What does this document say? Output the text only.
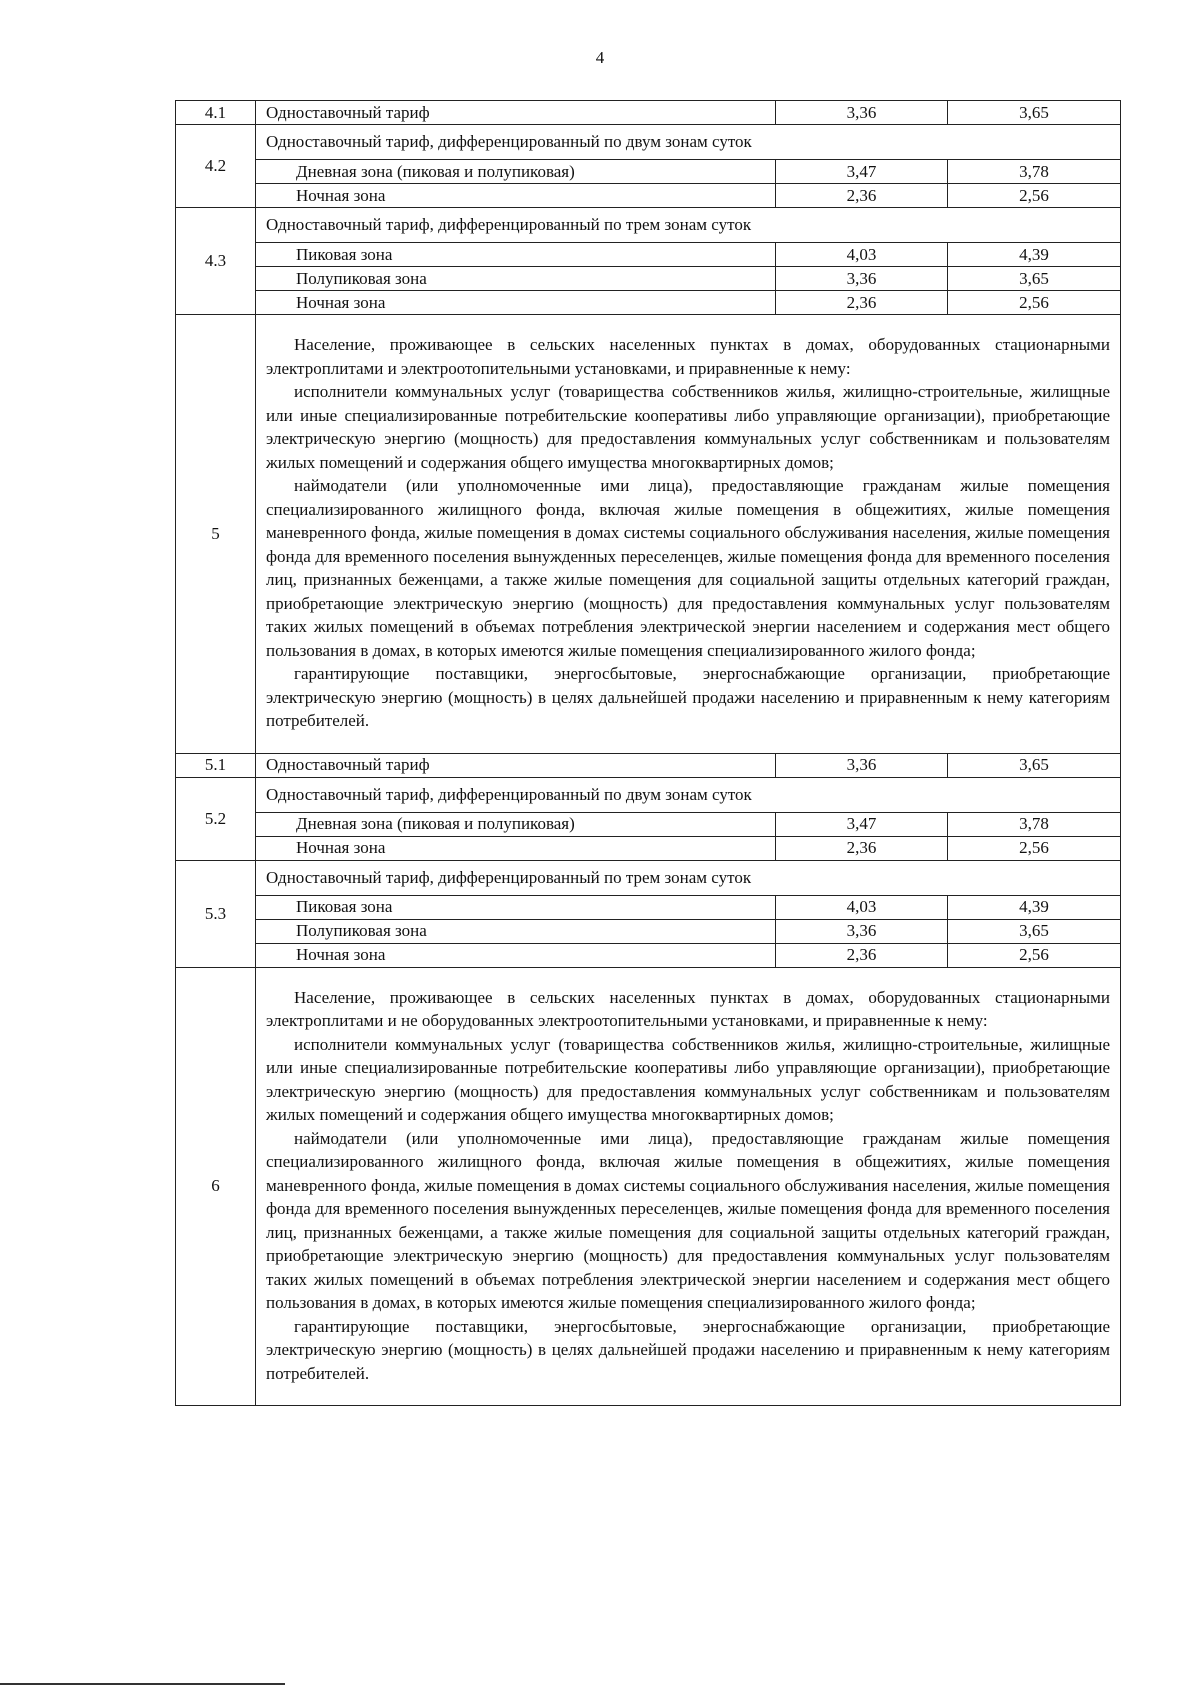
4
4.1	Одноставочный тариф	3,36	3,65
4.2	Одноставочный тариф, дифференцированный по двум зонам суток		
	Дневная зона (пиковая и полупиковая)	3,47	3,78
	Ночная зона	2,36	2,56
4.3	Одноставочный тариф, дифференцированный по трем зонам суток		
	Пиковая зона	4,03	4,39
	Полупиковая зона	3,36	3,65
	Ночная зона	2,36	2,56
5	Население, проживающее в сельских населенных пунктах в домах, оборудованных стационарными электроплитами и электроотопительными установками, и приравненные к нему:

исполнители коммунальных услуг (товарищества собственников жилья, жилищно-строительные, жилищные или иные специализированные потребительские кооперативы либо управляющие организации), приобретающие электрическую энергию (мощность) для предоставления коммунальных услуг собственникам и пользователям жилых помещений и содержания общего имущества многоквартирных домов;

наймодатели (или уполномоченные ими лица), предоставляющие гражданам жилые помещения специализированного жилищного фонда, включая жилые помещения в общежитиях, жилые помещения маневренного фонда, жилые помещения в домах системы социального обслуживания населения, жилые помещения фонда для временного поселения вынужденных переселенцев, жилые помещения фонда для временного поселения лиц, признанных беженцами, а также жилые помещения для социальной защиты отдельных категорий граждан, приобретающие электрическую энергию (мощность) для предоставления коммунальных услуг пользователям таких жилых помещений в объемах потребления электрической энергии населением и содержания мест общего пользования в домах, в которых имеются жилые помещения специализированного жилого фонда;

гарантирующие поставщики, энергосбытовые, энергоснабжающие организации, приобретающие электрическую энергию (мощность) в целях дальнейшей продажи населению и приравненным к нему категориям потребителей.		

5.1	Одноставочный тариф	3,36	3,65
5.2	Одноставочный тариф, дифференцированный по двум зонам суток		
	Дневная зона (пиковая и полупиковая)	3,47	3,78
	Ночная зона	2,36	2,56
5.3	Одноставочный тариф, дифференцированный по трем зонам суток		
	Пиковая зона	4,03	4,39
	Полупиковая зона	3,36	3,65
	Ночная зона	2,36	2,56
6	Население, проживающее в сельских населенных пунктах в домах, оборудованных стационарными электроплитами и не оборудованных электроотопительными установками, и приравненные к нему:

исполнители коммунальных услуг (товарищества собственников жилья, жилищно-строительные, жилищные или иные специализированные потребительские кооперативы либо управляющие организации), приобретающие электрическую энергию (мощность) для предоставления коммунальных услуг собственникам и пользователям жилых помещений и содержания общего имущества многоквартирных домов;

наймодатели (или уполномоченные ими лица), предоставляющие гражданам жилые помещения специализированного жилищного фонда, включая жилые помещения в общежитиях, жилые помещения маневренного фонда, жилые помещения в домах системы социального обслуживания населения, жилые помещения фонда для временного поселения вынужденных переселенцев, жилые помещения фонда для временного поселения лиц, признанных беженцами, а также жилые помещения для социальной защиты отдельных категорий граждан, приобретающие электрическую энергию (мощность) для предоставления коммунальных услуг пользователям таких жилых помещений в объемах потребления электрической энергии населением и содержания мест общего пользования в домах, в которых имеются жилые помещения специализированного жилого фонда;

гарантирующие поставщики, энергосбытовые, энергоснабжающие организации, приобретающие электрическую энергию (мощность) в целях дальнейшей продажи населению и приравненным к нему категориям потребителей.		
